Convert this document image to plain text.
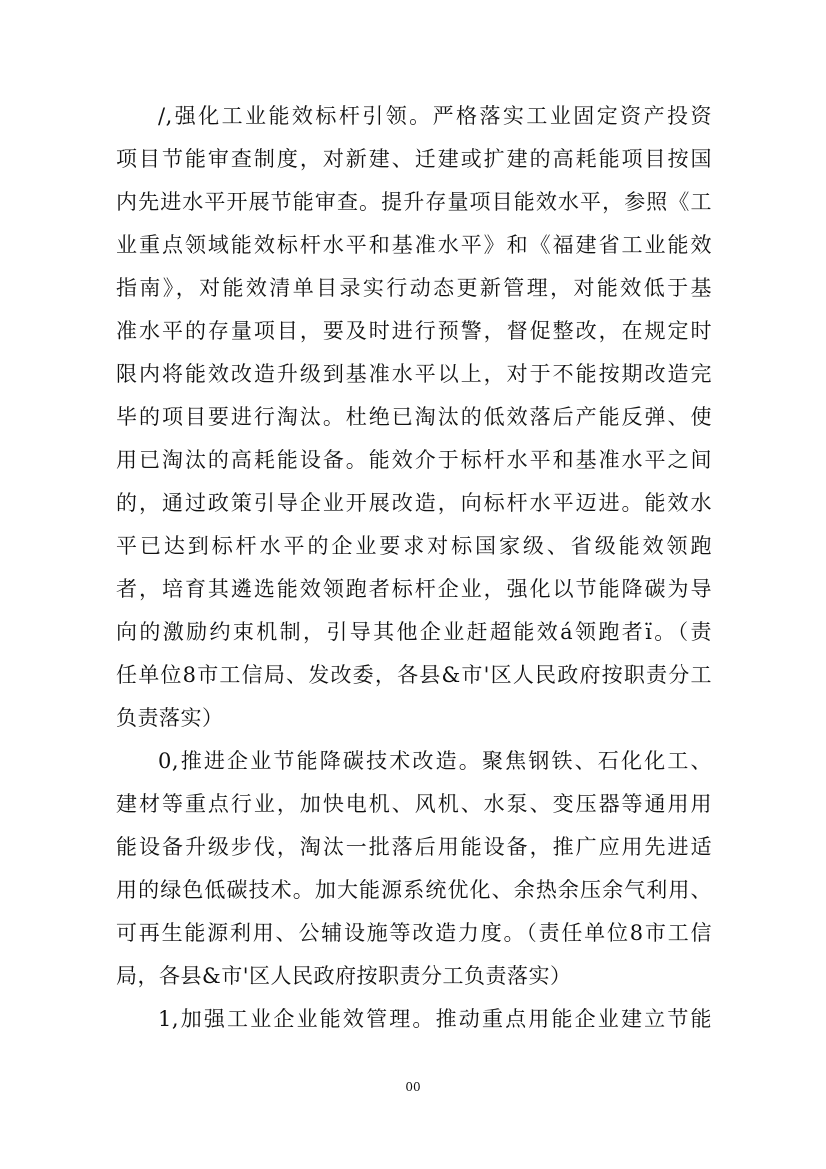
/,强化工业能效标杆引领。严格落实工业固定资产投资
项目节能审查制度，对新建、迁建或扩建的高耗能项目按国
内先进水平开展节能审查。提升存量项目能效水平，参照《工
业重点领域能效标杆水平和基准水平》和《福建省工业能效
指南》，对能效清单目录实行动态更新管理，对能效低于基
准水平的存量项目，要及时进行预警，督促整改，在规定时
限内将能效改造升级到基准水平以上，对于不能按期改造完
毕的项目要进行淘汰。杜绝已淘汰的低效落后产能反弹、使
用已淘汰的高耗能设备。能效介于标杆水平和基准水平之间
的，通过政策引导企业开展改造，向标杆水平迈进。能效水
平已达到标杆水平的企业要求对标国家级、省级能效领跑
者，培育其遴选能效领跑者标杆企业，强化以节能降碳为导
向的激励约束机制，引导其他企业赶超能效á领跑者ï。（责
任单位8市工信局、发改委，各县&市'区人民政府按职责分工
负责落实）
0,推进企业节能降碳技术改造。聚焦钢铁、石化化工、
建材等重点行业，加快电机、风机、水泵、变压器等通用用
能设备升级步伐，淘汰一批落后用能设备，推广应用先进适
用的绿色低碳技术。加大能源系统优化、余热余压余气利用、
可再生能源利用、公辅设施等改造力度。（责任单位8市工信
局，各县&市'区人民政府按职责分工负责落实）
1,加强工业企业能效管理。推动重点用能企业建立节能
00
